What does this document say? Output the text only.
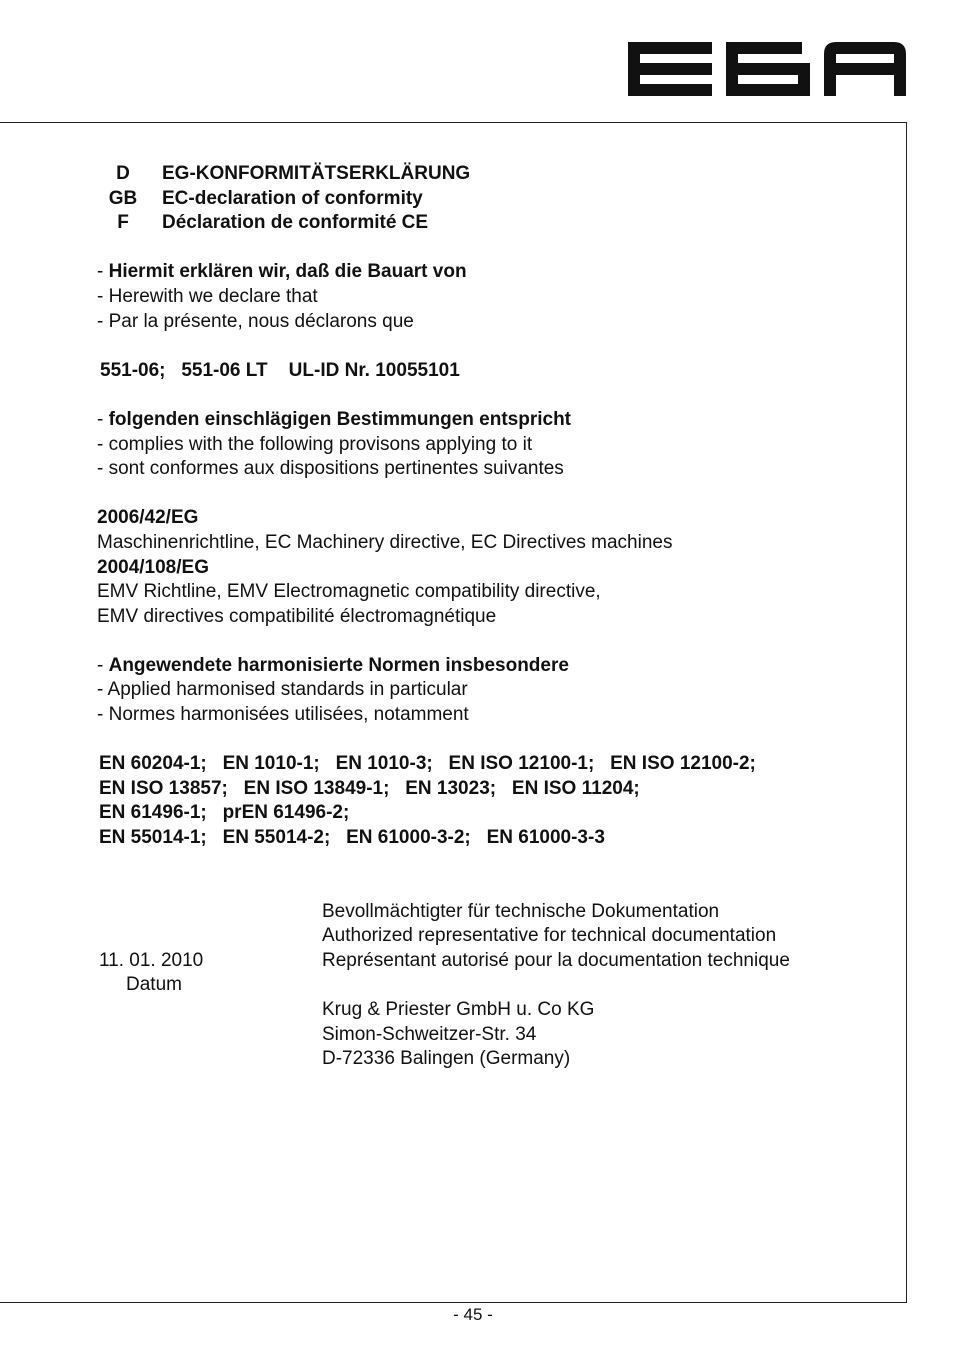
D	EG-KONFORMITÄTSERKLÄRUNG
GB	EC-declaration of conformity
F	Déclaration de conformité CE
- Hiermit erklären wir, daß die Bauart von
- Herewith we declare that
- Par la présente, nous déclarons que
551-06;   551-06 LT    UL-ID Nr. 10055101
- folgenden einschlägigen Bestimmungen entspricht
- complies with the following provisons applying to it
- sont conformes aux dispositions pertinentes suivantes
2006/42/EG
Maschinenrichtline, EC Machinery directive, EC Directives machines
2004/108/EG
EMV Richtline, EMV Electromagnetic compatibility directive,
EMV directives compatibilité électromagnétique
- Angewendete harmonisierte Normen insbesondere
- Applied harmonised standards in particular
- Normes harmonisées utilisées, notamment
EN 60204-1;   EN 1010-1;   EN 1010-3;   EN ISO 12100-1;   EN ISO 12100-2;
EN ISO 13857;   EN ISO 13849-1;   EN 13023;   EN ISO 11204;
EN 61496-1;   prEN 61496-2;
EN 55014-1;   EN 55014-2;   EN 61000-3-2;   EN 61000-3-3
11. 01. 2010
Datum
Bevollmächtigter für technische Dokumentation
Authorized representative for technical documentation
Représentant autorisé pour la documentation technique
Krug & Priester GmbH u. Co KG
Simon-Schweitzer-Str. 34
D-72336 Balingen (Germany)
- 45 -
